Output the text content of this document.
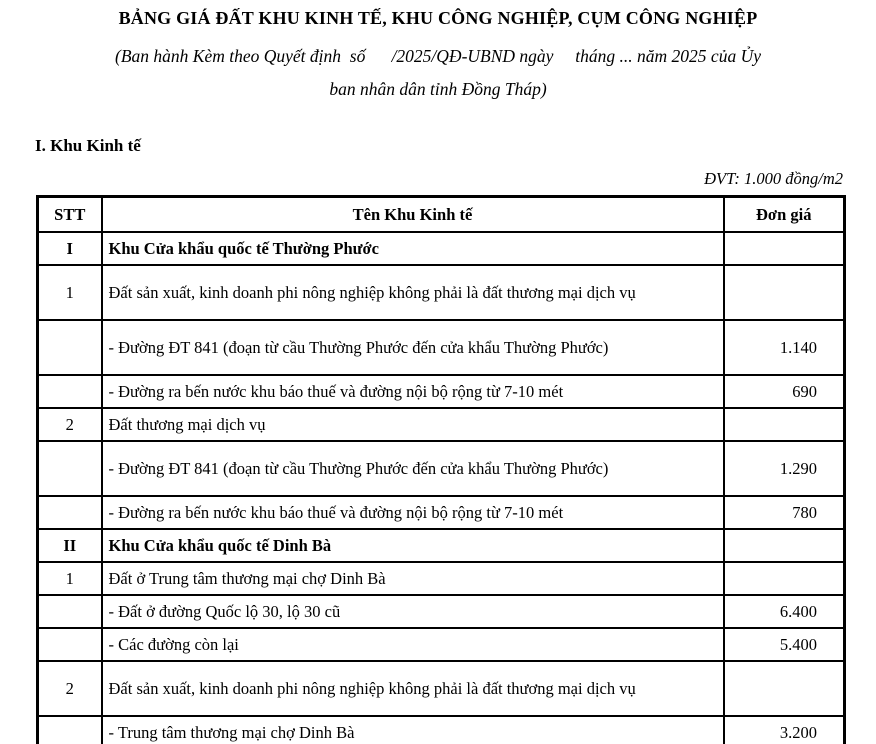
BẢNG GIÁ ĐẤT KHU KINH TẾ, KHU CÔNG NGHIỆP, CỤM CÔNG NGHIỆP
(Ban hành Kèm theo Quyết định  số      /2025/QĐ-UBND ngày     tháng ... năm 2025 của Ủy
ban nhân dân tỉnh Đồng Tháp)
I. Khu Kinh tế
ĐVT: 1.000 đồng/m2
STT	Tên Khu Kinh tế	Đơn giá
I	Khu Cửa khẩu quốc tế Thường Phước	
1	Đất sản xuất, kinh doanh phi nông nghiệp không phải là đất thương mại dịch vụ	
	- Đường ĐT 841 (đoạn từ cầu Thường Phước đến cửa khẩu Thường Phước)	1.140
	- Đường ra bến nước khu báo thuế và đường nội bộ rộng từ 7-10 mét	690
2	Đất thương mại dịch vụ	
	- Đường ĐT 841 (đoạn từ cầu Thường Phước đến cửa khẩu Thường Phước)	1.290
	- Đường ra bến nước khu báo thuế và đường nội bộ rộng từ 7-10 mét	780
II	Khu Cửa khẩu quốc tế Dinh Bà	
1	Đất ở Trung tâm thương mại chợ Dinh Bà	
	- Đất ở đường Quốc lộ 30, lộ 30 cũ	6.400
	- Các đường còn lại	5.400
2	Đất sản xuất, kinh doanh phi nông nghiệp không phải là đất thương mại dịch vụ	
	- Trung tâm thương mại chợ Dinh Bà	3.200
